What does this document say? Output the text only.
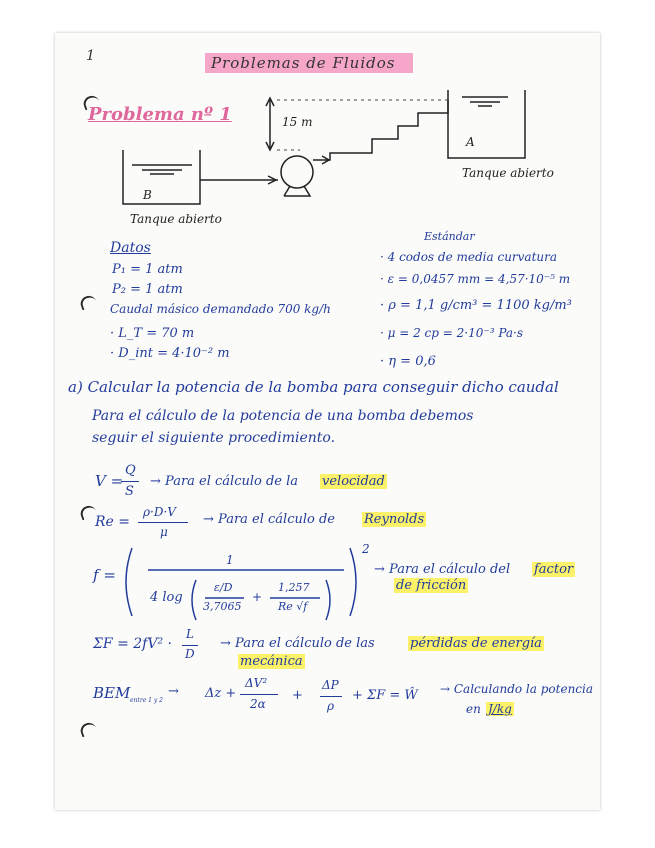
1	Problemas de Fluidos
Problema nº 1	15 m
A
B
Tanque abierto
Tanque abierto
Datos
P₁ = 1 atm
P₂ = 1 atm
Caudal másico demandado 700 kg/h
· L_T = 70 m
· D_int = 4·10⁻² m
Estándar
· 4 codos de media curvatura
· ε = 0,0457 mm = 4,57·10⁻⁵ m
· ρ = 1,1 g/cm³ = 1100 kg/m³
· μ = 2 cp = 2·10⁻³ Pa·s
· η = 0,6
a) Calcular la potencia de la bomba para conseguir dicho caudal
Para el cálculo de la potencia de una bomba debemos
seguir el siguiente procedimiento.
V =
Q
S
→ Para el cálculo de la velocidad
Re =
ρ·D·V
μ
→ Para el cálculo de Reynolds
f =
1
4 log
ε/D
3,7065
+
1,257
Re √f
2
→ Para el cálculo del factor
de fricción
ΣF = 2fV² ·
L
D
→ Para el cálculo de las	pérdidas de energía
mecánica
BEM entre 1 y 2
→ Δz +
ΔV²
2α
+
ΔP
ρ
+ ΣF = Ŵ → Calculando la potencia
en J/kg
